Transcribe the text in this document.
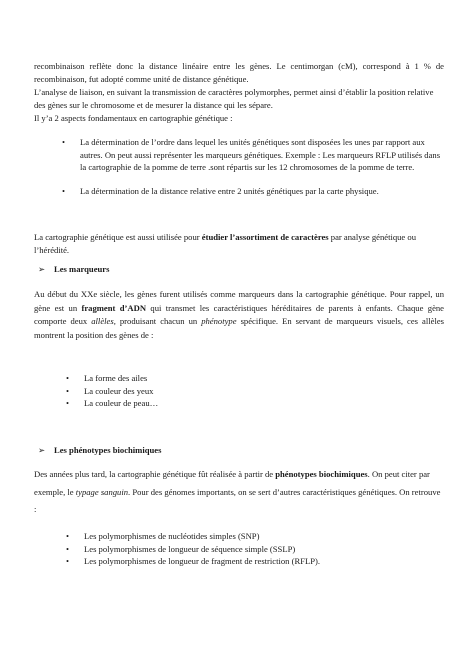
recombinaison reflète donc la distance linéaire entre les gènes. Le centimorgan (cM), correspond à 1 % de recombinaison, fut adopté comme unité de distance génétique.

L’analyse de liaison, en suivant la transmission de caractères polymorphes, permet ainsi d’établir la position relative des gènes sur le chromosome et de mesurer la distance qui les sépare.

Il y’a 2 aspects fondamentaux en cartographie génétique :

• La détermination de l’ordre dans lequel les unités génétiques sont disposées les unes par rapport aux autres. On peut aussi représenter les marqueurs génétiques. Exemple : Les marqueurs RFLP utilisés dans la cartographie de la pomme de terre .sont répartis sur les 12 chromosomes de la pomme de terre.
• La détermination de la distance relative entre 2 unités génétiques par la carte physique.

La cartographie génétique est aussi utilisée pour étudier l’assortiment de caractères par analyse génétique ou l’hérédité.

➢ Les marqueurs

Au début du XXe siècle, les gènes furent utilisés comme marqueurs dans la cartographie génétique. Pour rappel, un gène est un fragment d’ADN qui transmet les caractéristiques héréditaires de parents à enfants. Chaque gène comporte deux allèles, produisant chacun un phénotype spécifique. En servant de marqueurs visuels, ces allèles montrent la position des gènes de :

• La forme des ailes
• La couleur des yeux
• La couleur de peau…
➢ Les phénotypes biochimiques

Des années plus tard, la cartographie génétique fût réalisée à partir de phénotypes biochimiques. On peut citer par exemple, le typage sanguin. Pour des génomes importants, on se sert d’autres caractéristiques génétiques. On retrouve :

• Les polymorphismes de nucléotides simples (SNP)
• Les polymorphismes de longueur de séquence simple (SSLP)
• Les polymorphismes de longueur de fragment de restriction (RFLP).
